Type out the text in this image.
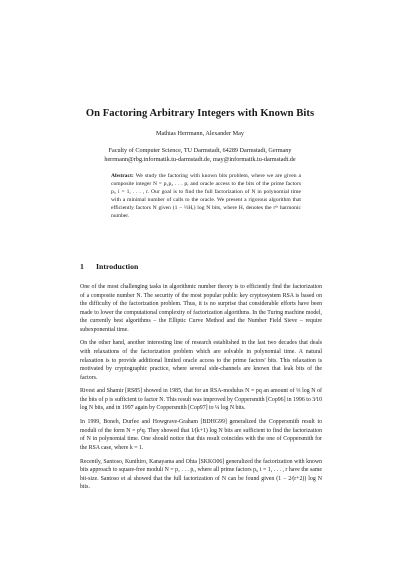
On Factoring Arbitrary Integers with Known Bits
Mathias Herrmann, Alexander May
Faculty of Computer Science, TU Darmstadt, 64289 Darmstadt, Germany
herrmann@rbg.informatik.tu-darmstadt.de, may@informatik.tu-darmstadt.de
Abstract: We study the factoring with known bits problem, where we are given a composite integer N = p₁p₂ . . . pᵣ and oracle access to the bits of the prime factors pᵢ, i = 1, . . . , r. Our goal is to find the full factorization of N in polynomial time with a minimal number of calls to the oracle. We present a rigorous algorithm that efficiently factors N given (1 − ½Hᵣ) log N bits, where Hᵣ denotes the rᵗʰ harmonic number.
1 Introduction

One of the most challenging tasks in algorithmic number theory is to efficiently find the factorization of a composite number N. The security of the most popular public key cryptosystem RSA is based on the difficulty of the factorization problem. Thus, it is no surprise that considerable efforts have been made to lower the computational complexity of factorization algorithms. In the Turing machine model, the currently best algorithms – the Elliptic Curve Method and the Number Field Sieve – require subexponential time.

On the other hand, another interesting line of research established in the last two decades that deals with relaxations of the factorization problem which are solvable in polynomial time. A natural relaxation is to provide additional limited oracle access to the prime factors' bits. This relaxation is motivated by cryptographic practice, where several side-channels are known that leak bits of the factors.

Rivest and Shamir [RS85] showed in 1985, that for an RSA-modulus N = pq an amount of ⅓ log N of the bits of p is sufficient to factor N. This result was improved by Coppersmith [Cop96] in 1996 to 3⁄10 log N bits, and in 1997 again by Coppersmith [Cop97] to ¼ log N bits.

In 1999, Boneh, Durfee and Howgrave-Graham [BDHG99] generalized the Coppersmith result to moduli of the form N = pᵏq. They showed that 1⁄(k+1) log N bits are sufficient to find the factorization of N in polynomial time. One should notice that this result coincides with the one of Coppersmith for the RSA case, where k = 1.

Recently, Santoso, Kunihiro, Kanayama and Ohta [SKKO06] generalized the factorization with known bits approach to square-free moduli N = p₁ . . . pᵣ, where all prime factors pᵢ, i = 1, . . . , r have the same bit-size. Santoso et al showed that the full factorization of N can be found given (1 − 2⁄(r+2)) log N bits.
